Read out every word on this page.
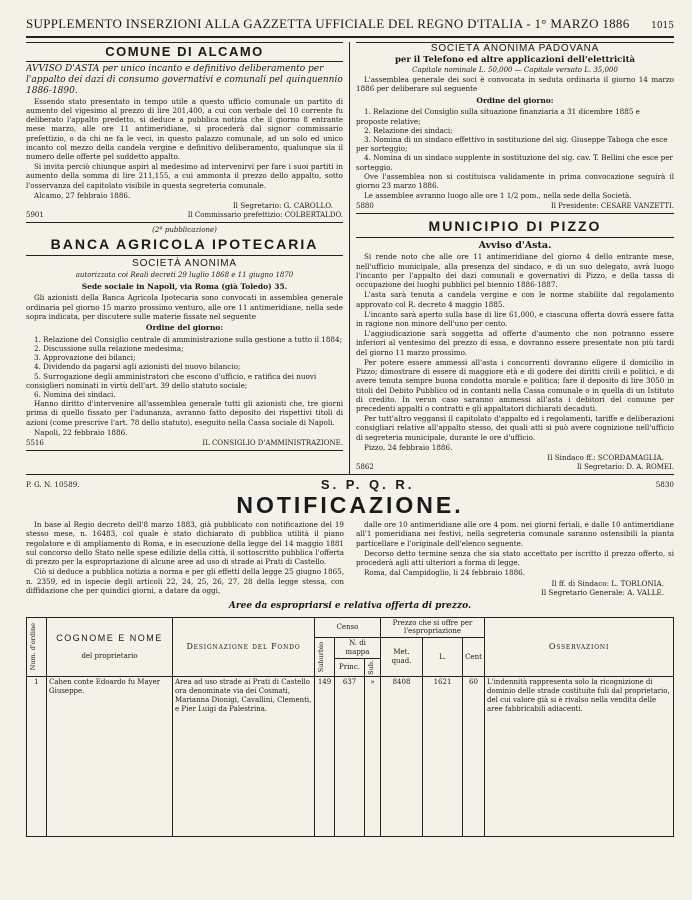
SUPPLEMENTO INSERZIONI ALLA GAZZETTA UFFICIALE DEL REGNO D'ITALIA - 1° MARZO 1886 1015
COMUNE DI ALCAMO
AVVISO D'ASTA per unico incanto e definitivo deliberamento per l'appalto dei dazi di consumo governativi e comunali pel quinquennio 1886-1890.

Essendo stato presentato in tempo utile a questo ufficio comunale un partito di aumento del vigesimo al prezzo di lire 201,400, a cui con verbale del 10 corrente fu deliberato l'appalto predetto, si deduce a pubblica notizia che il giorno 8 entrante mese marzo, alle ore 11 antimeridiane, si procederà dal signor commissario prefettizio, o da chi ne fa le veci, in questo palazzo comunale, ad un solo ed unico incanto col mezzo della candela vergine e definitivo deliberamento, qualunque sia il numero delle offerte pel suddetto appalto.

Si invita perciò chiunque aspiri al medesimo ad intervenirvi per fare i suoi partiti in aumento della somma di lire 211,155, a cui ammonta il prezzo dello appalto, sotto l'osservanza del capitolato visibile in questa segreteria comunale.

Alcamo, 27 febbraio 1886.

Il Segretario: G. CAROLLO.
5901	Il Commissario prefettizio: COLBERTALDO.
(2ª pubblicazione)
BANCA AGRICOLA IPOTECARIA
SOCIETÀ ANONIMA
autorizzata coi Reali decreti 29 luglio 1868 e 11 giugno 1870
Sede sociale in Napoli, via Roma (già Toledo) 35.

Gli azionisti della Banca Agricola Ipotecaria sono convocati in assemblea generale ordinaria pel giorno 15 marzo prossimo venturo, alle ore 11 antimeridiane, nella sede sopra indicata, per discutere sulle materie fissate nel seguente

Ordine del giorno:
1. Relazione del Consiglio centrale di amministrazione sulla gestione a tutto il 1884;
2. Discussione sulla relazione medesima;
3. Approvazione dei bilanci;
4. Dividendo da pagarsi agli azionisti del nuovo bilancio;
5. Surrogazione degli amministratori che escono d'ufficio, e ratifica dei nuovi consiglieri nominati in virtù dell'art. 39 dello statuto sociale;
6. Nomina dei sindaci.

Hanno diritto d'intervenire all'assemblea generale tutti gli azionisti che, tre giorni prima di quello fissato per l'adunanza, avranno fatto deposito dei rispettivi titoli di azioni (come prescrive l'art. 78 dello statuto), eseguito nella Cassa sociale di Napoli.

Napoli, 22 febbraio 1886.

5516	IL CONSIGLIO D'AMMINISTRAZIONE.
SOCIETÀ ANONIMA PADOVANA
per il Telefono ed altre applicazioni dell'elettricità
Capitale nominale L. 50,000 — Capitale versato L. 35,000

L'assemblea generale dei soci è convocata in seduta ordinaria il giorno 14 marzo 1886 per deliberare sul seguente

Ordine del giorno:
1. Relazione del Consiglio sulla situazione finanziaria a 31 dicembre 1885 e proposte relative;
2. Relazione dei sindaci;
3. Nomina di un sindaco effettivo in sostituzione del sig. Giuseppe Taboga che esce per sorteggio;
4. Nomina di un sindaco supplente in sostituzione del sig. cav. T. Bellini che esce per sorteggio.

Ove l'assemblea non si costituisca validamente in prima convocazione seguirà il giorno 23 marzo 1886.

Le assemblee avranno luogo alle ore 1 1/2 pom., nella sede della Società.

5880	Il Presidente: CESARE VANZETTI.
MUNICIPIO DI PIZZO
Avviso d'Asta.

Si rende noto che alle ore 11 antimeridiane del giorno 4 dello entrante mese, nell'ufficio municipale, alla presenza del sindaco, e di un suo delegato, avrà luogo l'incanto per l'appalto dei dazi comunali e governativi di Pizzo, e della tassa di occupazione dei luoghi pubblici pel biennio 1886-1887.

L'asta sarà tenuta a candela vergine e con le norme stabilite dal regolamento approvato col R. decreto 4 maggio 1885.

L'incanto sarà aperto sulla base di lire 61,000, e ciascuna offerta dovrà essere fatta in ragione non minore dell'uno per cento.

L'aggiudicazione sarà soggetta ad offerte d'aumento che non potranno essere inferiori al ventesimo del prezzo di essa, e dovranno essere presentate non più tardi del giorno 11 marzo prossimo.

Per potere essere ammessi all'asta i concorrenti dovranno eligere il domicilio in Pizzo; dimostrare di essere di maggiore età e di godere dei diritti civili e politici, e di avere tenuta sempre buona condotta morale e politica; fare il deposito di lire 3050 in titoli del Debito Pubblico od in contanti nella Cassa comunale o in quella di un Istituto di credito. In verun caso saranno ammessi all'asta i debitori del comune per precedenti appalti o contratti e gli appaltatori dichiarati decaduti.

Per tutt'altro veggansi il capitolato d'appalto ed i regolamenti, tariffe e deliberazioni consigliari relative all'appalto stesso, dei quali atti si può avere cognizione nell'ufficio di segreteria municipale, durante le ore d'ufficio.

Pizzo, 24 febbraio 1886.

Il Sindaco ff.: SCORDAMAGLIA.
5862	Il Segretario: D. A. ROMEI.
P. G. N. 10589.	S. P. Q. R.	5830
NOTIFICAZIONE.

In base al Regio decreto dell'8 marzo 1883, già pubblicato con notificazione del 19 stesso mese, n. 16483, col quale è stato dichiarato di pubblica utilità il piano regolatore e di ampliamento di Roma, e in esecuzione della legge del 14 maggio 1881 sul concorso dello Stato nelle spese edilizie della città, il sottoscritto pubblica l'offerta di prezzo per la espropriazione di alcune aree ad uso di strade ai Prati di Castello.

Ciò si deduce a pubblica notizia a norma e per gli effetti della legge 25 giugno 1865, n. 2359, ed in ispecie degli articoli 22, 24, 25, 26, 27, 28 della legge stessa, con diffidazione che per quindici giorni, a datare da oggi,

dalle ore 10 antimeridiane alle ore 4 pom. nei giorni feriali, e dalle 10 antimeridiane all'1 pomeridiana nei festivi, nella segreteria comunale saranno ostensibili la pianta particellare e l'originale dell'elenco seguente.

Decorso detto termine senza che sia stato accettato per iscritto il prezzo offerto, si procederà agli atti ulteriori a forma di legge.

Roma, dal Campidoglio, li 24 febbraio 1886.

Il ff. di Sindaco: L. TORLONIA.
Il Segretario Generale: A. VALLE.
Aree da espropriarsi e relativa offerta di prezzo.
Num. d'ordine	COGNOME E NOME
del proprietario	Designazione del Fondo	Censo			Prezzo che si offre per l'espropriazione			Osservazioni

			Suburbio	N. di mappa		Met. quad.	L.	Cent	
				Princ.	Sub.				

1	Cahen conte Edoardo fu Mayer Giuseppe.	Area ad uso strade ai Prati di Castello ora denominate via dei Cosmati, Marianna Dionigi, Cavallini, Clementi, e Pier Luigi da Palestrina.	149	637	»	8408	1621	60	L'indennità rappresenta solo la ricognizione di dominio delle strade costituite fuli dal proprietario, del cui valore già si è rivalso nella vendita delle aree fabbricabili adiacenti.
